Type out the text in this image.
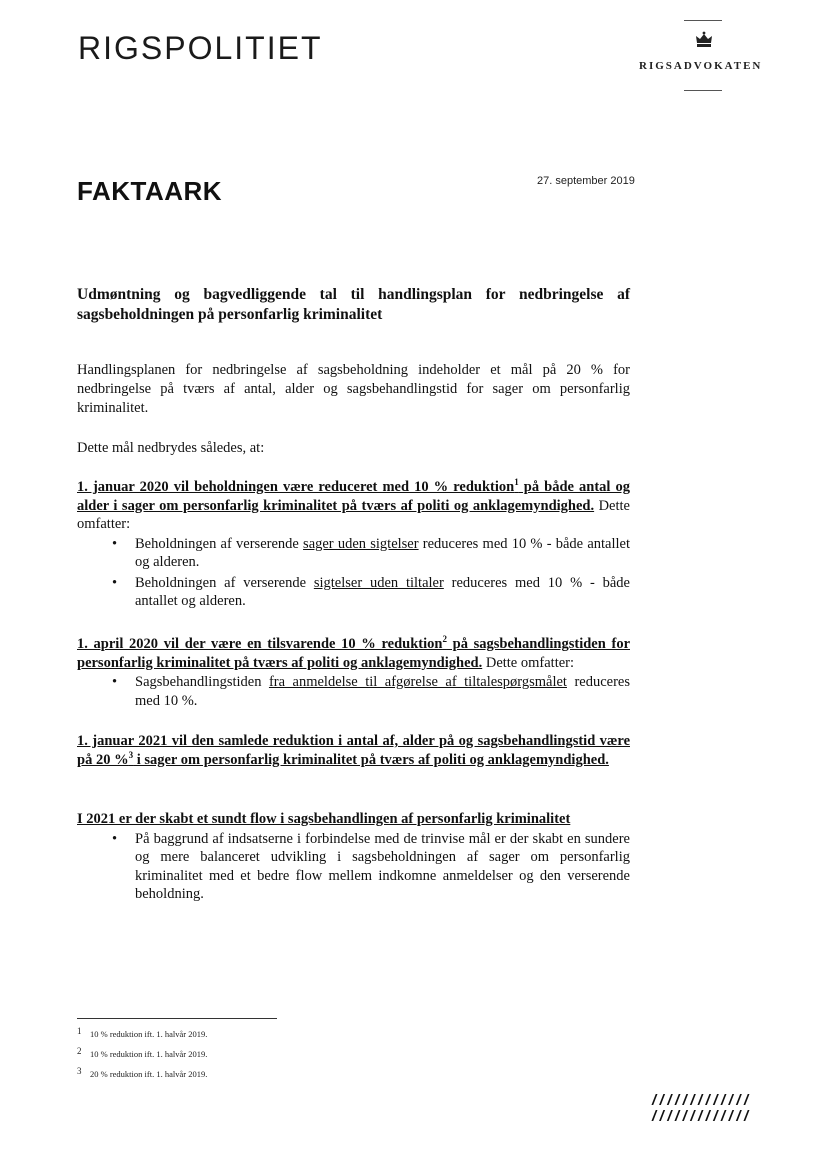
RIGSPOLITIET	RIGSADVOKATEN
FAKTAARK	27. september 2019
Udmøntning og bagvedliggende tal til handlingsplan for nedbringelse af sagsbeholdningen på personfarlig kriminalitet
Handlingsplanen for nedbringelse af sagsbeholdning indeholder et mål på 20 % for nedbringelse på tværs af antal, alder og sagsbehandlingstid for sager om personfarlig kriminalitet.
Dette mål nedbrydes således, at:
1. januar 2020 vil beholdningen være reduceret med 10 % reduktion$^1$ på både antal og alder i sager om personfarlig kriminalitet på tværs af politi og anklagemyndighed. Dette omfatter:
• Beholdningen af verserende sager uden sigtelser reduceres med 10 % - både antallet og alderen.
• Beholdningen af verserende sigtelser uden tiltaler reduceres med 10 % - både antallet og alderen.
1. april 2020 vil der være en tilsvarende 10 % reduktion$^2$ på sagsbehandlingstiden for personfarlig kriminalitet på tværs af politi og anklagemyndighed. Dette omfatter:
• Sagsbehandlingstiden fra anmeldelse til afgørelse af tiltalespørgsmålet reduceres med 10 %.
1. januar 2021 vil den samlede reduktion i antal af, alder på og sagsbehandlingstid være på 20 %$^3$ i sager om personfarlig kriminalitet på tværs af politi og anklagemyndighed.
I 2021 er der skabt et sundt flow i sagsbehandlingen af personfarlig kriminalitet
• På baggrund af indsatserne i forbindelse med de trinvise mål er der skabt en sundere og mere balanceret udvikling i sagsbeholdningen af sager om personfarlig kriminalitet med et bedre flow mellem indkomne anmeldelser og den verserende beholdning.
1 10 % reduktion ift. 1. halvår 2019.
2 10 % reduktion ift. 1. halvår 2019.
3 20 % reduktion ift. 1. halvår 2019.
/////////////
/////////////
